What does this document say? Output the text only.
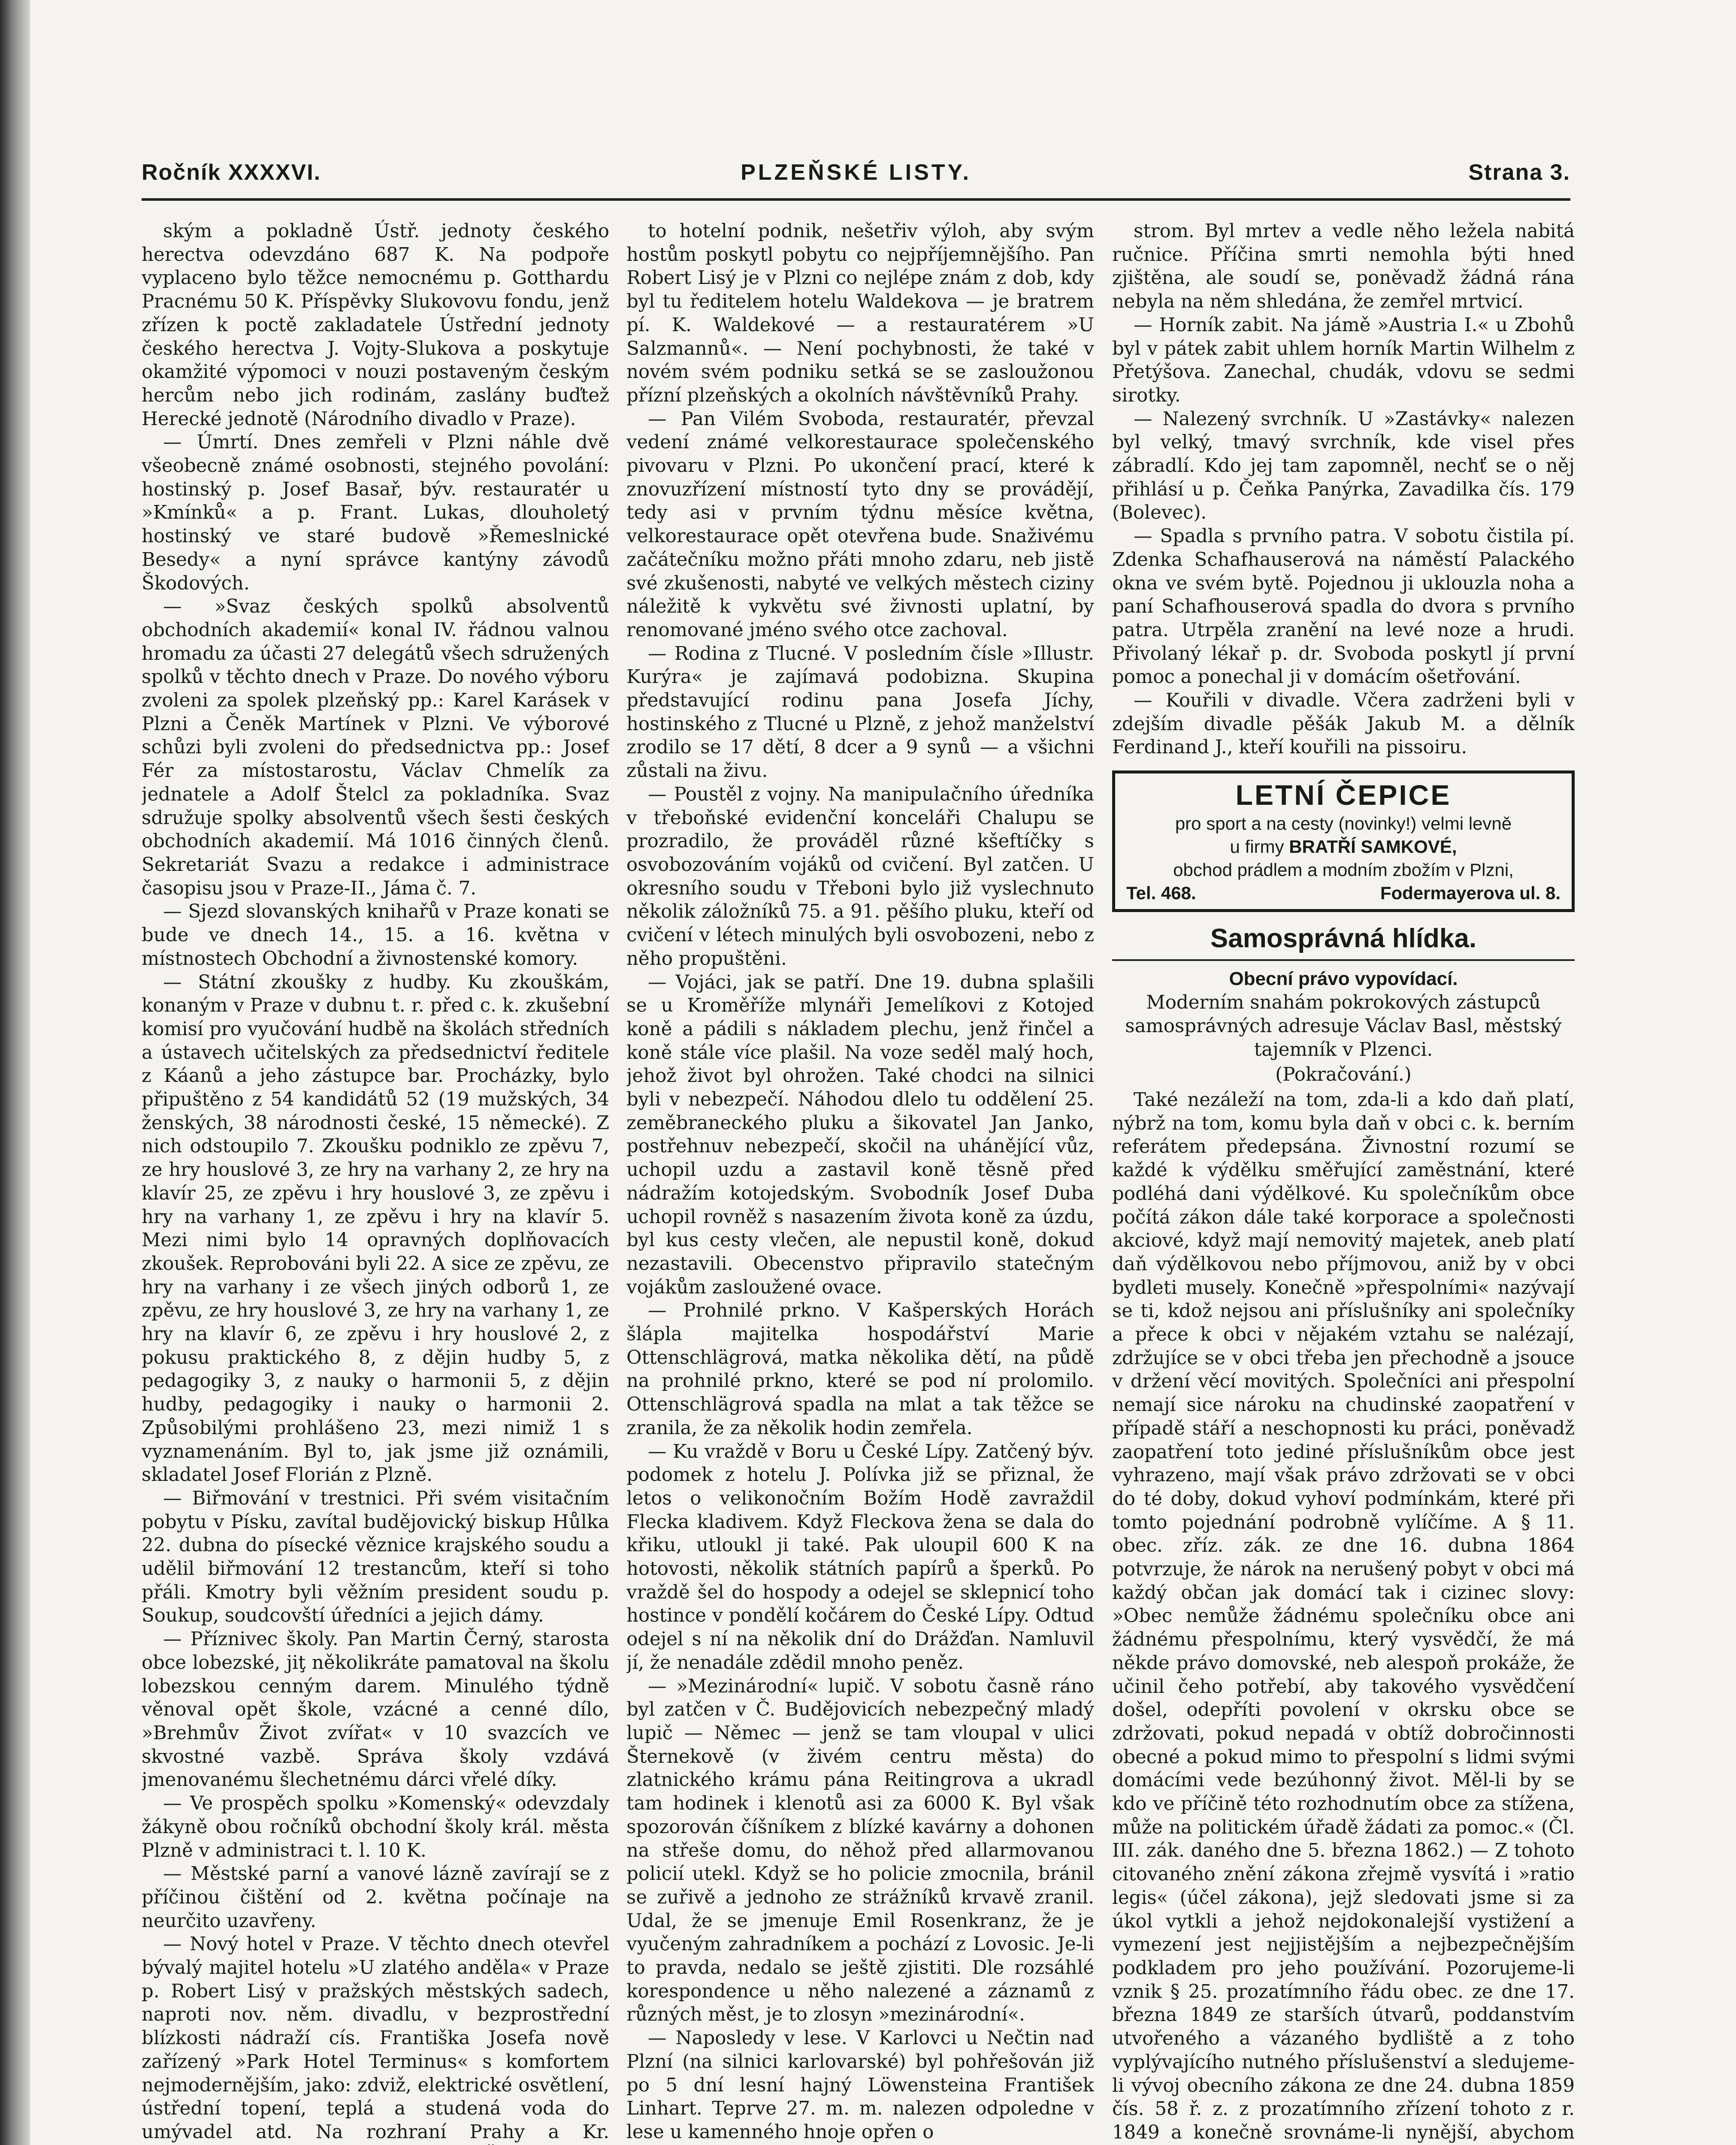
Ročník XXXXVI.	PLZEŇSKÉ LISTY.	Strana 3.

ským a pokladně Ústř. jednoty českého herectva odevzdáno 687 K. Na podpoře vyplaceno bylo těžce nemocnému p. Gotthardu Pracnému 50 K. Příspěvky Slukovovu fondu, jenž zřízen k poctě zakladatele Ústřední jednoty českého herectva J. Vojty-Slukova a poskytuje okamžité výpomoci v nouzi postaveným českým hercům nebo jich rodinám, zaslány buďtež Herecké jednotě (Národního divadlo v Praze).

— Úmrtí. Dnes zemřeli v Plzni náhle dvě všeobecně známé osobnosti, stejného povolání: hostinský p. Josef Basař, býv. restauratér u »Kmínků« a p. Frant. Lukas, dlouholetý hostinský ve staré budově »Řemeslnické Besedy« a nyní správce kantýny závodů Škodových.

— »Svaz českých spolků absolventů obchodních akademií« konal IV. řádnou valnou hromadu za účasti 27 delegátů všech sdružených spolků v těchto dnech v Praze. Do nového výboru zvoleni za spolek plzeňský pp.: Karel Karásek v Plzni a Čeněk Martínek v Plzni. Ve výborové schůzi byli zvoleni do předsednictva pp.: Josef Fér za místostarostu, Václav Chmelík za jednatele a Adolf Štelcl za pokladníka. Svaz sdružuje spolky absolventů všech šesti českých obchodních akademií. Má 1016 činných členů. Sekretariát Svazu a redakce i administrace časopisu jsou v Praze-II., Jáma č. 7.

— Sjezd slovanských knihařů v Praze konati se bude ve dnech 14., 15. a 16. května v místnostech Obchodní a živnostenské komory.

— Státní zkoušky z hudby. Ku zkouškám, konaným v Praze v dubnu t. r. před c. k. zkušební komisí pro vyučování hudbě na školách středních a ústavech učitelských za předsednictví ředitele z Káanů a jeho zástupce bar. Procházky, bylo připuštěno z 54 kandidátů 52 (19 mužských, 34 ženských, 38 národnosti české, 15 německé). Z nich odstoupilo 7. Zkoušku podniklo ze zpěvu 7, ze hry houslové 3, ze hry na varhany 2, ze hry na klavír 25, ze zpěvu i hry houslové 3, ze zpěvu i hry na varhany 1, ze zpěvu i hry na klavír 5. Mezi nimi bylo 14 opravných doplňovacích zkoušek. Reprobováni byli 22. A sice ze zpěvu, ze hry na varhany i ze všech jiných odborů 1, ze zpěvu, ze hry houslové 3, ze hry na varhany 1, ze hry na klavír 6, ze zpěvu i hry houslové 2, z pokusu praktického 8, z dějin hudby 5, z pedagogiky 3, z nauky o harmonii 5, z dějin hudby, pedagogiky i nauky o harmonii 2. Způsobilými prohlášeno 23, mezi nimiž 1 s vyznamenáním. Byl to, jak jsme již oznámili, skladatel Josef Florián z Plzně.

— Biřmování v trestnici. Při svém visitačním pobytu v Písku, zavítal budějovický biskup Hůlka 22. dubna do písecké věznice krajského soudu a udělil biřmování 12 trestancům, kteří si toho přáli. Kmotry byli věžním president soudu p. Soukup, soudcovští úředníci a jejich dámy.

— Příznivec školy. Pan Martin Černý, starosta obce lobezské, jiţ několikráte pamatoval na školu lobezskou cenným darem. Minulého týdně věnoval opět škole, vzácné a cenné dílo, »Brehmův Život zvířat« v 10 svazcích ve skvostné vazbě. Správa školy vzdává jmenovanému šlechetnému dárci vřelé díky.

— Ve prospěch spolku »Komenský« odevzdaly žákyně obou ročníků obchodní školy král. města Plzně v administraci t. l. 10 K.

— Městské parní a vanové lázně zavírají se z příčinou čištění od 2. května počínaje na neurčito uzavřeny.

— Nový hotel v Praze. V těchto dnech otevřel bývalý majitel hotelu »U zlatého anděla« v Praze p. Robert Lisý v pražských městských sadech, naproti nov. něm. divadlu, v bezprostřední blízkosti nádraží cís. Františka Josefa nově zařízený »Park Hotel Terminus« s komfortem nejmodernějším, jako: zdviž, elektrické osvětlení, ústřední topení, teplá a studená voda do umývadel atd. Na rozhraní Prahy a Kr.

to hotelní podnik, nešetřiv výloh, aby svým hostům poskytl pobytu co nejpříjemnějšího. Pan Robert Lisý je v Plzni co nejlépe znám z dob, kdy byl tu ředitelem hotelu Waldekova — je bratrem pí. K. Waldekové — a restauratérem »U Salzmannů«. — Není pochybnosti, že také v novém svém podniku setká se se zasloužonou přízní plzeňských a okolních návštěvníků Prahy.

— Pan Vilém Svoboda, restauratér, převzal vedení známé velkorestaurace společenského pivovaru v Plzni. Po ukončení prací, které k znovuzřízení místností tyto dny se provádějí, tedy asi v prvním týdnu měsíce května, velkorestaurace opět otevřena bude. Snaživému začátečníku možno přáti mnoho zdaru, neb jistě své zkušenosti, nabyté ve velkých městech ciziny náležitě k vykvětu své živnosti uplatní, by renomované jméno svého otce zachoval.

— Rodina z Tlucné. V posledním čísle »Illustr. Kurýra« je zajímavá podobizna. Skupina představující rodinu pana Josefa Jíchy, hostinského z Tlucné u Plzně, z jehož manželství zrodilo se 17 dětí, 8 dcer a 9 synů — a všichni zůstali na živu.

— Poustěl z vojny. Na manipulačního úředníka v třeboňské evidenční konceláři Chalupu se prozradilo, že prováděl různé kšeftíčky s osvobozováním vojáků od cvičení. Byl zatčen. U okresního soudu v Třeboni bylo již vyslechnuto několik záložníků 75. a 91. pěšího pluku, kteří od cvičení v létech minulých byli osvobozeni, nebo z něho propuštěni.

— Vojáci, jak se patří. Dne 19. dubna splašili se u Kroměříže mlynáři Jemelíkovi z Kotojed koně a pádili s nákladem plechu, jenž řinčel a koně stále více plašil. Na voze seděl malý hoch, jehož život byl ohrožen. Také chodci na silnici byli v nebezpečí. Náhodou dlelo tu oddělení 25. zeměbraneckého pluku a šikovatel Jan Janko, postřehnuv nebezpečí, skočil na uhánějící vůz, uchopil uzdu a zastavil koně těsně před nádražím kotojedským. Svobodník Josef Duba uchopil rovněž s nasazením života koně za úzdu, byl kus cesty vlečen, ale nepustil koně, dokud nezastavili. Obecenstvo připravilo statečným vojákům zasloužené ovace.

— Prohnilé prkno. V Kašperských Horách šlápla majitelka hospodářství Marie Ottenschlägrová, matka několika dětí, na půdě na prohnilé prkno, které se pod ní prolomilo. Ottenschlägrová spadla na mlat a tak těžce se zranila, že za několik hodin zemřela.

— Ku vraždě v Boru u České Lípy. Zatčený býv. podomek z hotelu J. Polívka již se přiznal, že letos o velikonočním Božím Hodě zavraždil Flecka kladivem. Když Fleckova žena se dala do křiku, utloukl ji také. Pak uloupil 600 K na hotovosti, několik státních papírů a šperků. Po vraždě šel do hospody a odejel se sklepnicí toho hostince v pondělí kočárem do České Lípy. Odtud odejel s ní na několik dní do Drážďan. Namluvil jí, že nenadále zdědil mnoho peněz.

— »Mezinárodní« lupič. V sobotu časně ráno byl zatčen v Č. Budějovicích nebezpečný mladý lupič — Němec — jenž se tam vloupal v ulici Šternekově (v živém centru města) do zlatnického krámu pána Reitingrova a ukradl tam hodinek i klenotů asi za 6000 K. Byl však spozorován číšníkem z blízké kavárny a dohonen na střeše domu, do něhož před allarmovanou policií utekl. Když se ho policie zmocnila, bránil se zuřivě a jednoho ze strážníků krvavě zranil. Udal, že se jmenuje Emil Rosenkranz, že je vyučeným zahradníkem a pochází z Lovosic. Je-li to pravda, nedalo se ještě zjistiti. Dle rozsáhlé korespondence u něho nalezené a záznamů z různých měst, je to zlosyn »mezinárodní«.

— Naposledy v lese. V Karlovci u Nečtin nad Plzní (na silnici karlovarské) byl pohřešován již po 5 dní lesní hajný Löwensteina František Linhart. Teprve 27. m. m. nalezen odpoledne v lese u kamenného hnoje opřen o

strom. Byl mrtev a vedle něho ležela nabitá ručnice. Příčina smrti nemohla býti hned zjištěna, ale soudí se, poněvadž žádná rána nebyla na něm shledána, že zemřel mrtvicí.

— Horník zabit. Na jámě »Austria I.« u Zbohů byl v pátek zabit uhlem horník Martin Wilhelm z Přetýšova. Zanechal, chudák, vdovu se sedmi sirotky.

— Nalezený svrchník. U »Zastávky« nalezen byl velký, tmavý svrchník, kde visel přes zábradlí. Kdo jej tam zapomněl, nechť se o něj přihlásí u p. Čeňka Panýrka, Zavadilka čís. 179 (Bolevec).

— Spadla s prvního patra. V sobotu čistila pí. Zdenka Schafhauserová na náměstí Palackého okna ve svém bytě. Pojednou ji uklouzla noha a paní Schafhouserová spadla do dvora s prvního patra. Utrpěla zranění na levé noze a hrudi. Přivolaný lékař p. dr. Svoboda poskytl jí první pomoc a ponechal ji v domácím ošetřování.

— Kouřili v divadle. Včera zadrženi byli v zdejším divadle pěšák Jakub M. a dělník Ferdinand J., kteří kouřili na pissoiru.

LETNÍ ČEPICE
pro sport a na cesty (novinky!) velmi levně
u firmy BRATŘÍ SAMKOVÉ,
obchod prádlem a modním zbožím v Plzni,
Tel. 468.	Fodermayerova ul. 8.
Samosprávná hlídka.
Obecní právo vypovídací.

Moderním snahám pokrokových zástupců samosprávných adresuje Václav Basl, městský tajemník v Plzenci.

(Pokračování.)

Také nezáleží na tom, zda-li a kdo daň platí, nýbrž na tom, komu byla daň v obci c. k. berním referátem předepsána. Živnostní rozumí se každé k výdělku směřující zaměstnání, které podléhá dani výdělkové. Ku společníkům obce počítá zákon dále také korporace a společnosti akciové, když mají nemovitý majetek, aneb platí daň výdělkovou nebo příjmovou, aniž by v obci bydleti musely. Konečně »přespolními« nazývají se ti, kdož nejsou ani příslušníky ani společníky a přece k obci v nějakém vztahu se nalézají, zdržujíce se v obci třeba jen přechodně a jsouce v držení věcí movitých. Společníci ani přespolní nemají sice nároku na chudinské zaopatření v případě stáří a neschopnosti ku práci, poněvadž zaopatření toto jediné příslušníkům obce jest vyhrazeno, mají však právo zdržovati se v obci do té doby, dokud vyhoví podmínkám, které při tomto pojednání podrobně vylíčíme. A § 11. obec. zříz. zák. ze dne 16. dubna 1864 potvrzuje, že nárok na nerušený pobyt v obci má každý občan jak domácí tak i cizinec slovy: »Obec nemůže žádnému společníku obce ani žádnému přespolnímu, který vysvědčí, že má někde právo domovské, neb alespoň prokáže, že učinil čeho potřebí, aby takového vysvědčení došel, odepříti povolení v okrsku obce se zdržovati, pokud nepadá v obtíž dobročinnosti obecné a pokud mimo to přespolní s lidmi svými domácími vede bezúhonný život. Měl-li by se kdo ve příčině této rozhodnutím obce za stížena, může na politickém úřadě žádati za pomoc.« (Čl. III. zák. daného dne 5. března 1862.) — Z tohoto citovaného znění zákona zřejmě vysvítá i »ratio legis« (účel zákona), jejž sledovati jsme si za úkol vytkli a jehož nejdokonalejší vystižení a vymezení jest nejjistějším a nejbezpečnějším podkladem pro jeho používání. Pozorujeme-li vznik § 25. prozatímního řádu obec. ze dne 17. března 1849 ze starších útvarů, poddanstvím utvořeného a vázaného bydliště a z toho vyplývajícího nutného příslušenství a sledujeme-li vývoj obecního zákona ze dne 24. dubna 1859 čís. 58 ř. z. z prozatímního zřízení tohoto z r. 1849 a konečně srovnáme-li nynější, abychom
